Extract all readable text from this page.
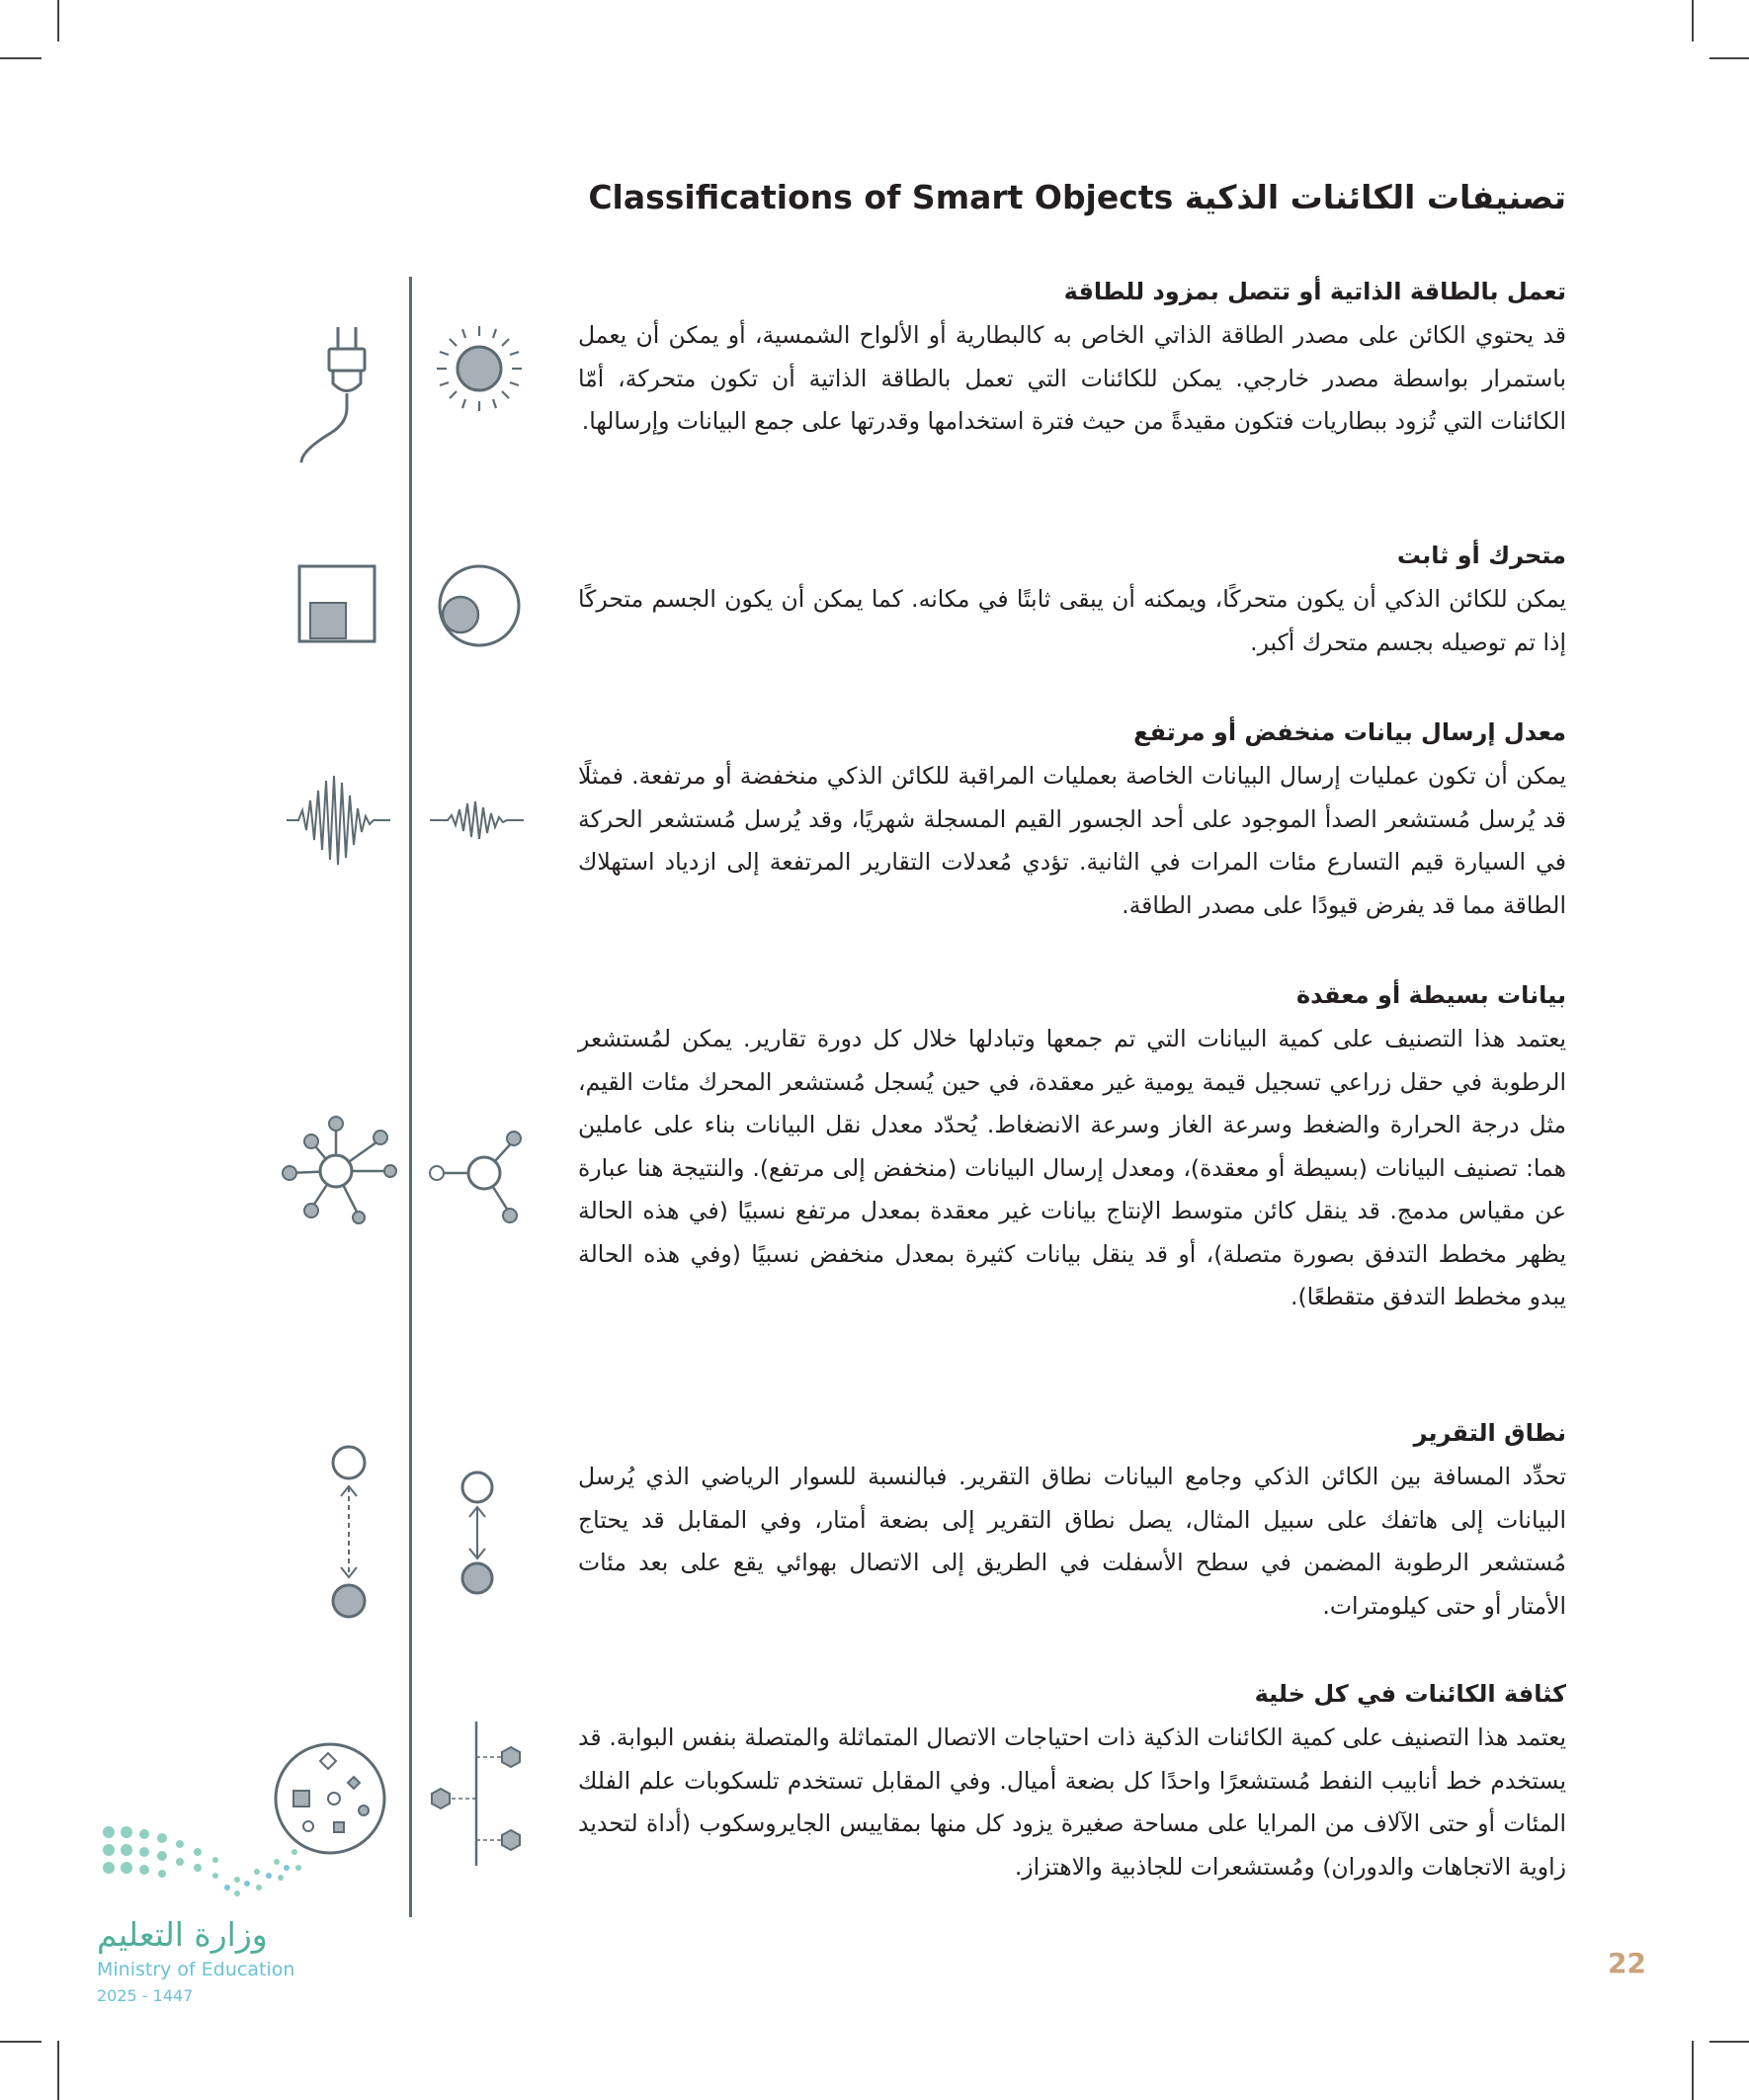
تصنيفات الكائنات الذكية Classifications of Smart Objects
تعمل بالطاقة الذاتية أو تتصل بمزود للطاقة

قد يحتوي الكائن على مصدر الطاقة الذاتي الخاص به كالبطارية أو الألواح الشمسية، أو يمكن أن يعمل باستمرار بواسطة مصدر خارجي. يمكن للكائنات التي تعمل بالطاقة الذاتية أن تكون متحركة، أمّا الكائنات التي تُزود ببطاريات فتكون مقيدةً من حيث فترة استخدامها وقدرتها على جمع البيانات وإرسالها.

متحرك أو ثابت

يمكن للكائن الذكي أن يكون متحركًا، ويمكنه أن يبقى ثابتًا في مكانه. كما يمكن أن يكون الجسم متحركًا إذا تم توصيله بجسم متحرك أكبر.

معدل إرسال بيانات منخفض أو مرتفع

يمكن أن تكون عمليات إرسال البيانات الخاصة بعمليات المراقبة للكائن الذكي منخفضة أو مرتفعة. فمثلًا قد يُرسل مُستشعر الصدأ الموجود على أحد الجسور القيم المسجلة شهريًا، وقد يُرسل مُستشعر الحركة في السيارة قيم التسارع مئات المرات في الثانية. تؤدي مُعدلات التقارير المرتفعة إلى ازدياد استهلاك الطاقة مما قد يفرض قيودًا على مصدر الطاقة.

بيانات بسيطة أو معقدة

يعتمد هذا التصنيف على كمية البيانات التي تم جمعها وتبادلها خلال كل دورة تقارير. يمكن لمُستشعر الرطوبة في حقل زراعي تسجيل قيمة يومية غير معقدة، في حين يُسجل مُستشعر المحرك مئات القيم، مثل درجة الحرارة والضغط وسرعة الغاز وسرعة الانضغاط. يُحدّد معدل نقل البيانات بناء على عاملين هما: تصنيف البيانات (بسيطة أو معقدة)، ومعدل إرسال البيانات (منخفض إلى مرتفع). والنتيجة هنا عبارة عن مقياس مدمج. قد ينقل كائن متوسط الإنتاج بيانات غير معقدة بمعدل مرتفع نسبيًا (في هذه الحالة يظهر مخطط التدفق بصورة متصلة)، أو قد ينقل بيانات كثيرة بمعدل منخفض نسبيًا (وفي هذه الحالة يبدو مخطط التدفق متقطعًا).

نطاق التقرير

تحدِّد المسافة بين الكائن الذكي وجامع البيانات نطاق التقرير. فبالنسبة للسوار الرياضي الذي يُرسل البيانات إلى هاتفك على سبيل المثال، يصل نطاق التقرير إلى بضعة أمتار، وفي المقابل قد يحتاج مُستشعر الرطوبة المضمن في سطح الأسفلت في الطريق إلى الاتصال بهوائي يقع على بعد مئات الأمتار أو حتى كيلومترات.

كثافة الكائنات في كل خلية

يعتمد هذا التصنيف على كمية الكائنات الذكية ذات احتياجات الاتصال المتماثلة والمتصلة بنفس البوابة. قد يستخدم خط أنابيب النفط مُستشعرًا واحدًا كل بضعة أميال. وفي المقابل تستخدم تلسكوبات علم الفلك المئات أو حتى الآلاف من المرايا على مساحة صغيرة يزود كل منها بمقاييس الجايروسكوب (أداة لتحديد زاوية الاتجاهات والدوران) ومُستشعرات للجاذبية والاهتزاز.

وزارة التعليم
Ministry of Education
2025 - 1447
22
